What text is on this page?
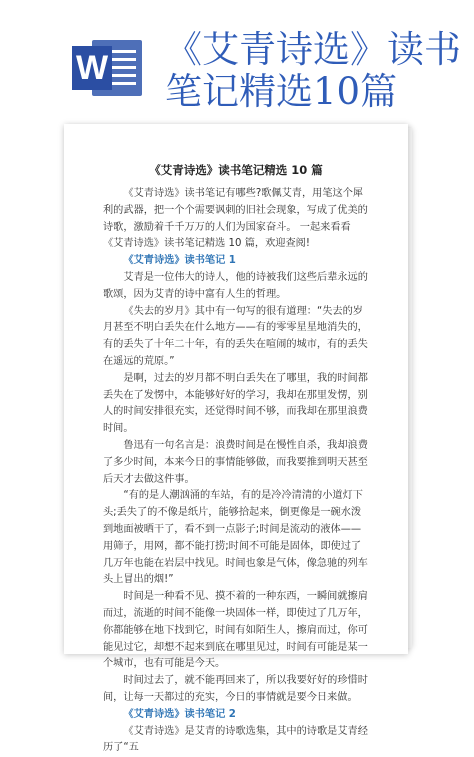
W 《艾青诗选》读书
笔记精选10篇
《艾青诗选》读书笔记精选 10 篇

《艾青诗选》读书笔记有哪些?歌佩艾青，用笔这个犀利的武器，把一个个需要讽刺的旧社会现象，写成了优美的诗歌，激励着千千万万的人们为国家奋斗。 一起来看看《艾青诗选》读书笔记精选 10 篇，欢迎查阅!

《艾青诗选》读书笔记 1

艾青是一位伟大的诗人，他的诗被我们这些后辈永远的歌颂，因为艾青的诗中富有人生的哲理。

《失去的岁月》其中有一句写的很有道理：“失去的岁月甚至不明白丢失在什么地方——有的零零星星地消失的，有的丢失了十年二十年，有的丢失在喧闹的城市，有的丢失在遥远的荒原。”

是啊，过去的岁月都不明白丢失在了哪里，我的时间都丢失在了发愣中，本能够好好的学习，我却在那里发愣，别人的时间安排很充实，还觉得时间不够，而我却在那里浪费时间。

鲁迅有一句名言是：浪费时间是在慢性自杀，我却浪费了多少时间，本来今日的事情能够做，而我要推到明天甚至后天才去做这件事。

“有的是人潮汹涌的车站，有的是冷冷清清的小道灯下头;丢失了的不像是纸片，能够拾起来，倒更像是一碗水泼到地面被晒干了，看不到一点影子;时间是流动的液体——用筛子，用网，都不能打捞;时间不可能是固体，即使过了几万年也能在岩层中找见。时间也象是气体，像急驰的列车头上冒出的烟!”

时间是一种看不见、摸不着的一种东西，一瞬间就擦肩而过，流逝的时间不能像一块固体一样，即使过了几万年，你都能够在地下找到它，时间有如陌生人，擦肩而过，你可能见过它，却想不起来到底在哪里见过，时间有可能是某一个城市，也有可能是今天。

时间过去了，就不能再回来了，所以我要好好的珍惜时间，让每一天都过的充实，今日的事情就是要今日来做。

《艾青诗选》读书笔记 2

《艾青诗选》是艾青的诗歌选集，其中的诗歌是艾青经历了“五
